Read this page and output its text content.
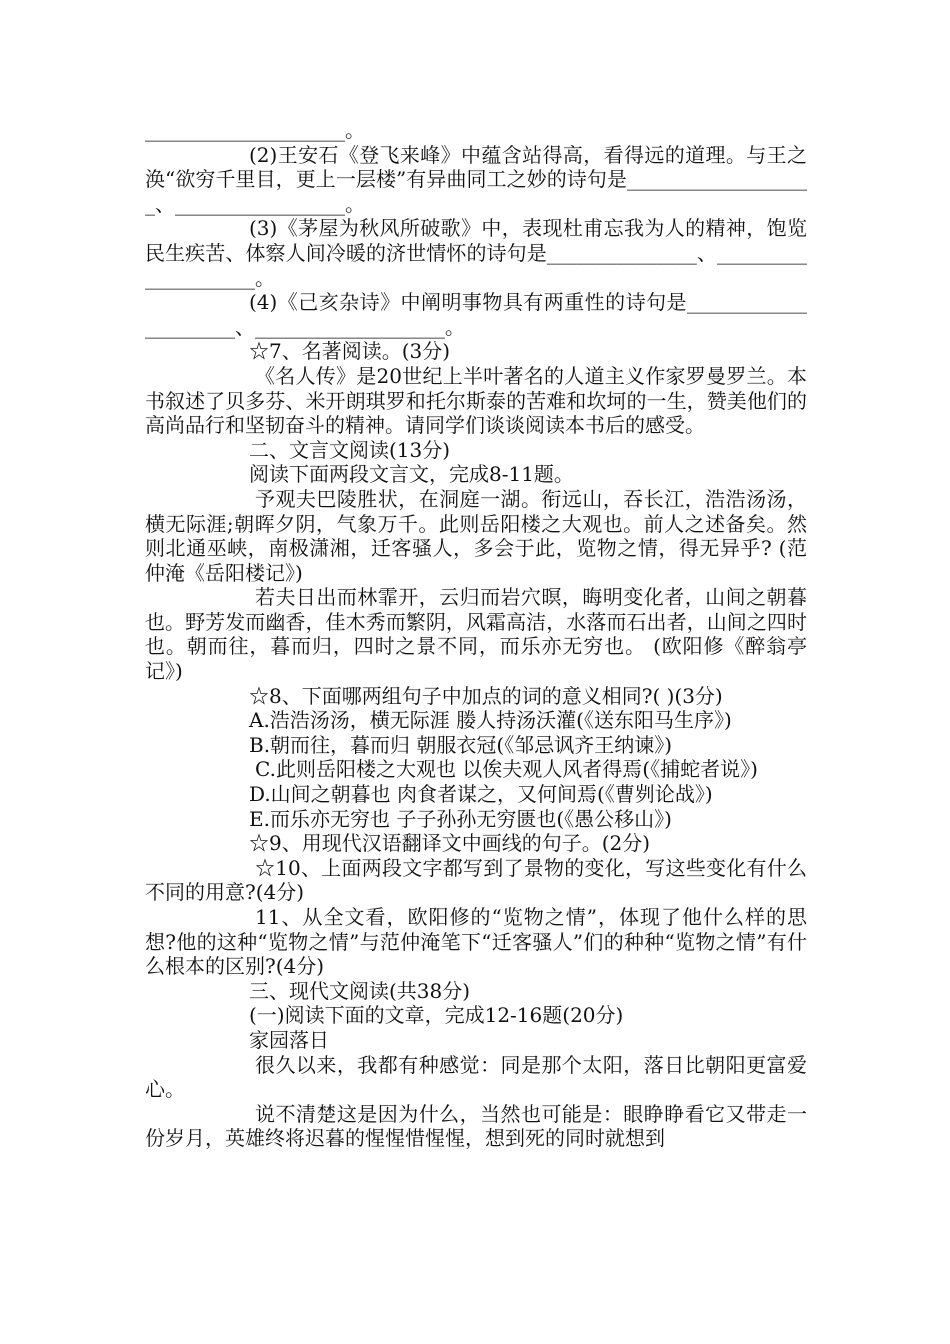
____________________。

(2)王安石《登飞来峰》中蕴含站得高，看得远的道理。与王之涣“欲穷千里目，更上一层楼”有异曲同工之妙的诗句是___________________、_________________。

(3)《茅屋为秋风所破歌》中，表现杜甫忘我为人的精神，饱览民生疾苦、体察人间冷暖的济世情怀的诗句是_______________、____________________。

(4)《己亥杂诗》中阐明事物具有两重性的诗句是_____________________、___________________。

☆7、名著阅读。(3分)

《名人传》是20世纪上半叶著名的人道主义作家罗曼罗兰。本书叙述了贝多芬、米开朗琪罗和托尔斯泰的苦难和坎坷的一生，赞美他们的高尚品行和坚韧奋斗的精神。请同学们谈谈阅读本书后的感受。

二、文言文阅读(13分)

阅读下面两段文言文，完成8-11题。

予观夫巴陵胜状，在洞庭一湖。衔远山，吞长江，浩浩汤汤，横无际涯;朝晖夕阴，气象万千。此则岳阳楼之大观也。前人之述备矣。然则北通巫峡，南极潇湘，迁客骚人，多会于此，览物之情，得无异乎? (范仲淹《岳阳楼记》)

若夫日出而林霏开，云归而岩穴暝，晦明变化者，山间之朝暮也。野芳发而幽香，佳木秀而繁阴，风霜高洁，水落而石出者，山间之四时也。朝而往，暮而归，四时之景不同，而乐亦无穷也。 (欧阳修《醉翁亭记》)

☆8、下面哪两组句子中加点的词的意义相同?( )(3分)

A.浩浩汤汤，横无际涯 媵人持汤沃灌(《送东阳马生序》)

B.朝而往，暮而归 朝服衣冠(《邹忌讽齐王纳谏》)

C.此则岳阳楼之大观也 以俟夫观人风者得焉(《捕蛇者说》)

D.山间之朝暮也 肉食者谋之，又何间焉(《曹刿论战》)

E.而乐亦无穷也 子子孙孙无穷匮也(《愚公移山》)

☆9、用现代汉语翻译文中画线的句子。(2分)

☆10、上面两段文字都写到了景物的变化，写这些变化有什么不同的用意?(4分)

11、从全文看，欧阳修的“览物之情”，体现了他什么样的思想?他的这种“览物之情”与范仲淹笔下“迁客骚人”们的种种“览物之情”有什么根本的区别?(4分)

三、现代文阅读(共38分)

(一)阅读下面的文章，完成12-16题(20分)

家园落日

很久以来，我都有种感觉：同是那个太阳，落日比朝阳更富爱心。

说不清楚这是因为什么，当然也可能是：眼睁睁看它又带走一份岁月，英雄终将迟暮的惺惺惜惺惺，想到死的同时就想到
